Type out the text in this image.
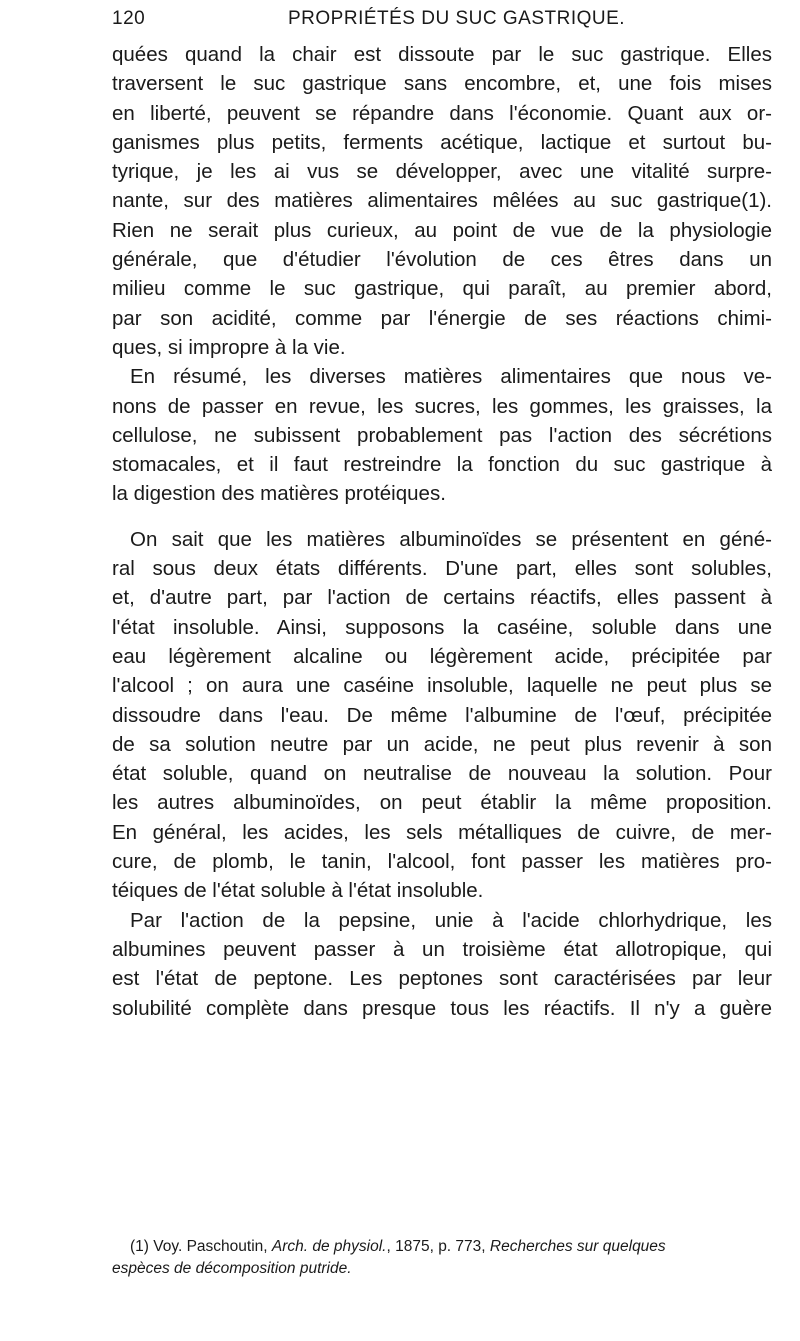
120	PROPRIÉTÉS DU SUC GASTRIQUE.
quées quand la chair est dissoute par le suc gastrique. Elles
traversent le suc gastrique sans encombre, et, une fois mises
en liberté, peuvent se répandre dans l'économie. Quant aux or-
ganismes plus petits, ferments acétique, lactique et surtout bu-
tyrique, je les ai vus se développer, avec une vitalité surpre-
nante, sur des matières alimentaires mêlées au suc gastrique(1).
Rien ne serait plus curieux, au point de vue de la physiologie
générale, que d'étudier l'évolution de ces êtres dans un
milieu comme le suc gastrique, qui paraît, au premier abord,
par son acidité, comme par l'énergie de ses réactions chimi-
ques, si impropre à la vie.
En résumé, les diverses matières alimentaires que nous ve-
nons de passer en revue, les sucres, les gommes, les graisses, la
cellulose, ne subissent probablement pas l'action des sécrétions
stomacales, et il faut restreindre la fonction du suc gastrique à
la digestion des matières protéiques.
On sait que les matières albuminoïdes se présentent en géné-
ral sous deux états différents. D'une part, elles sont solubles,
et, d'autre part, par l'action de certains réactifs, elles passent à
l'état insoluble. Ainsi, supposons la caséine, soluble dans une
eau légèrement alcaline ou légèrement acide, précipitée par
l'alcool ; on aura une caséine insoluble, laquelle ne peut plus se
dissoudre dans l'eau. De même l'albumine de l'œuf, précipitée
de sa solution neutre par un acide, ne peut plus revenir à son
état soluble, quand on neutralise de nouveau la solution. Pour
les autres albuminoïdes, on peut établir la même proposition.
En général, les acides, les sels métalliques de cuivre, de mer-
cure, de plomb, le tanin, l'alcool, font passer les matières pro-
téiques de l'état soluble à l'état insoluble.
Par l'action de la pepsine, unie à l'acide chlorhydrique, les
albumines peuvent passer à un troisième état allotropique, qui
est l'état de peptone. Les peptones sont caractérisées par leur
solubilité complète dans presque tous les réactifs. Il n'y a guère
(1) Voy. Paschoutin, Arch. de physiol., 1875, p. 773, Recherches sur quelques
espèces de décomposition putride.
